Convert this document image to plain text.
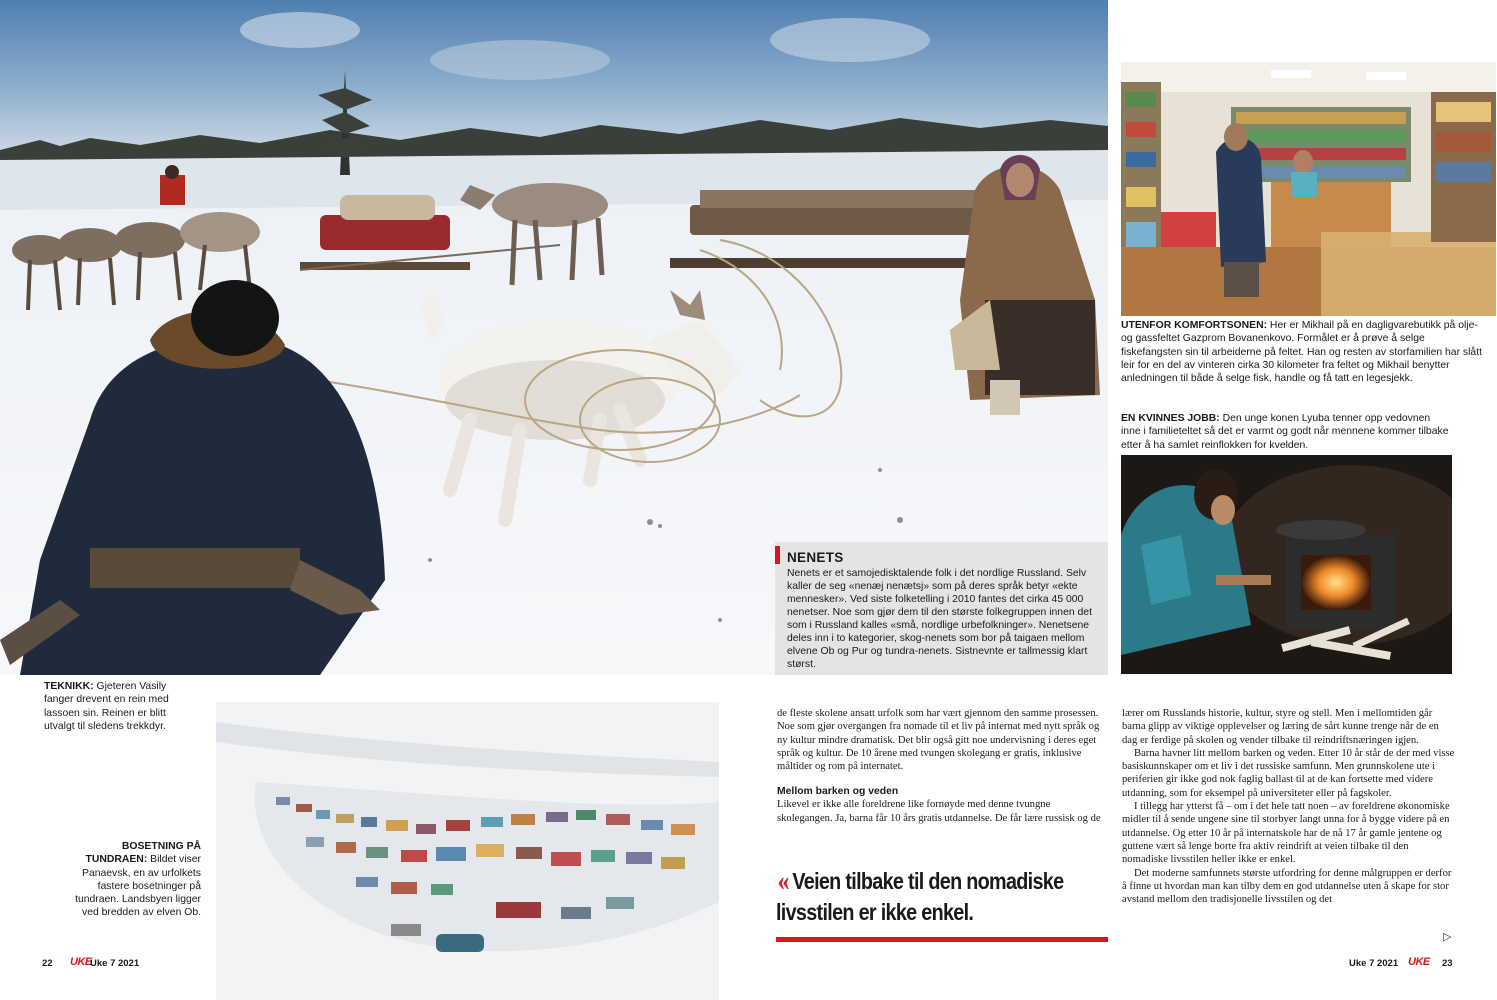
NENETS

Nenets er et samojedisktalende folk i det nordlige Russland. Selv kaller de seg «nenæj nenætsj» som på deres språk betyr «ekte mennesker». Ved siste folketelling i 2010 fantes det cirka 45 000 nenetser. Noe som gjør dem til den største folkegruppen innen det som i Russland kalles «små, nordlige urbefolkninger». Nenetsene deles inn i to kategorier, skog-nenets som bor på taigaen mellom elvene Ob og Pur og tundra-nenets. Sistnevnte er tallmessig klart størst.

UTENFOR KOMFORTSONEN: Her er Mikhail på en dagligvarebutikk på olje- og gassfeltet Gazprom Bovanenkovo. Formålet er å prøve å selge fiskefangsten sin til arbeiderne på feltet. Han og resten av storfamilien har slått leir for en del av vinteren cirka 30 kilometer fra feltet og Mikhail benytter anledningen til både å selge fisk, handle og få tatt en legesjekk.
EN KVINNES JOBB: Den unge konen Lyuba tenner opp vedovnen inne i familieteltet så det er varmt og godt når mennene kommer tilbake etter å ha samlet reinflokken for kvelden.
TEKNIKK: Gjeteren Vasily fanger drevent en rein med lassoen sin. Reinen er blitt utvalgt til sledens trekkdyr.
BOSETNING PÅ TUNDRAEN: Bildet viser Panaevsk, en av urfolkets fastere bosetninger på tundraen. Landsbyen ligger ved bredden av elven Ob.

de fleste skolene ansatt urfolk som har vært gjennom den samme prosessen. Noe som gjør overgangen fra nomade til et liv på internat med nytt språk og ny kultur mindre dramatisk. Det blir også gitt noe undervisning i deres eget språk og kultur. De 10 årene med tvungen skolegang er gratis, inklusive måltider og rom på internatet.

Mellom barken og veden

Likevel er ikke alle foreldrene like fornøyde med denne tvungne skolegangen. Ja, barna får 10 års gratis utdannelse. De får lære russisk og de

lærer om Russlands historie, kultur, styre og stell. Men i mellomtiden går barna glipp av viktige opplevelser og læring de sårt kunne trenge når de en dag er ferdige på skolen og vender tilbake til reindriftsnæringen igjen.

Barna havner litt mellom barken og veden. Etter 10 år står de der med visse basiskunnskaper om et liv i det russiske samfunn. Men grunnskolene ute i periferien gir ikke god nok faglig ballast til at de kan fortsette med videre utdanning, som for eksempel på universiteter eller på fagskoler.

I tillegg har ytterst få – om i det hele tatt noen – av foreldrene økonomiske midler til å sende ungene sine til storbyer langt unna for å bygge videre på en utdannelse. Og etter 10 år på internatskole har de nå 17 år gamle jentene og guttene vært så lenge borte fra aktiv reindrift at veien tilbake til den nomadiske livsstilen heller ikke er enkel.

Det moderne samfunnets største utfordring for denne målgruppen er derfor å finne ut hvordan man kan tilby dem en god utdannelse uten å skape for stor avstand mellom den tradisjonelle livsstilen og det

▷
« Veien tilbake til den nomadiske livsstilen er ikke enkel.
22 UKE
Uke 7 2021	Uke 7 2021 UKE 23
